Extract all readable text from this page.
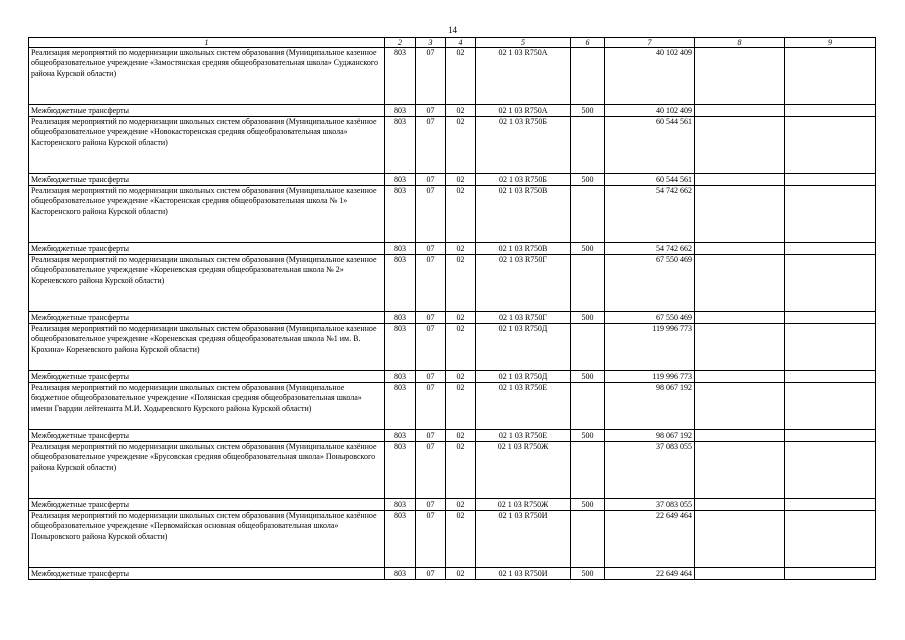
14
1	2	3	4	5	6	7	8	9
Реализация мероприятий по модернизации школьных систем образования (Муниципальное казенное общеобразовательное учреждение «Замостянская средняя общеобразовательная школа» Суджанского района Курской области)	803	07	02	02 1 03 R750А		40 102 409		
Межбюджетные трансферты	803	07	02	02 1 03 R750А	500	40 102 409		
Реализация мероприятий по модернизации школьных систем образования (Муниципальное казённое общеобразовательное учреждение «Новокасторенская средняя общеобразовательная школа» Касторенского района Курской области)	803	07	02	02 1 03 R750Б		60 544 561		
Межбюджетные трансферты	803	07	02	02 1 03 R750Б	500	60 544 561		
Реализация мероприятий по модернизации школьных систем образования (Муниципальное казенное общеобразовательное учреждение «Касторенская средняя общеобразовательная школа № 1» Касторенского района Курской области)	803	07	02	02 1 03 R750В		54 742 662		
Межбюджетные трансферты	803	07	02	02 1 03 R750В	500	54 742 662		
Реализация мероприятий по модернизации школьных систем образования (Муниципальное казенное общеобразовательное учреждение «Кореневская средняя общеобразовательная школа № 2» Кореневского района Курской области)	803	07	02	02 1 03 R750Г		67 550 469		
Межбюджетные трансферты	803	07	02	02 1 03 R750Г	500	67 550 469		
Реализация мероприятий по модернизации школьных систем образования (Муниципальное казенное общеобразовательное учреждение «Кореневская средняя общеобразовательная школа №1 им. В. Крохина» Кореневского района Курской области)	803	07	02	02 1 03 R750Д		119 996 773		
Межбюджетные трансферты	803	07	02	02 1 03 R750Д	500	119 996 773		
Реализация мероприятий по модернизации школьных систем образования (Муниципальное бюджетное общеобразовательное учреждение «Полянская средняя общеобразовательная школа» имени Гвардии лейтенанта М.И. Ходыревского Курского района Курской области)	803	07	02	02 1 03 R750Е		98 067 192		
Межбюджетные трансферты	803	07	02	02 1 03 R750Е	500	98 067 192		
Реализация мероприятий по модернизации школьных систем образования (Муниципальное казённое общеобразовательное учреждение «Брусовская средняя общеобразовательная школа» Поныровского района Курской области)	803	07	02	02 1 03 R750Ж		37 083 055		
Межбюджетные трансферты	803	07	02	02 1 03 R750Ж	500	37 083 055		
Реализация мероприятий по модернизации школьных систем образования (Муниципальное казённое общеобразовательное учреждение «Первомайская основная общеобразовательная школа» Поныровского района Курской области)	803	07	02	02 1 03 R750И		22 649 464		
Межбюджетные трансферты	803	07	02	02 1 03 R750И	500	22 649 464		
